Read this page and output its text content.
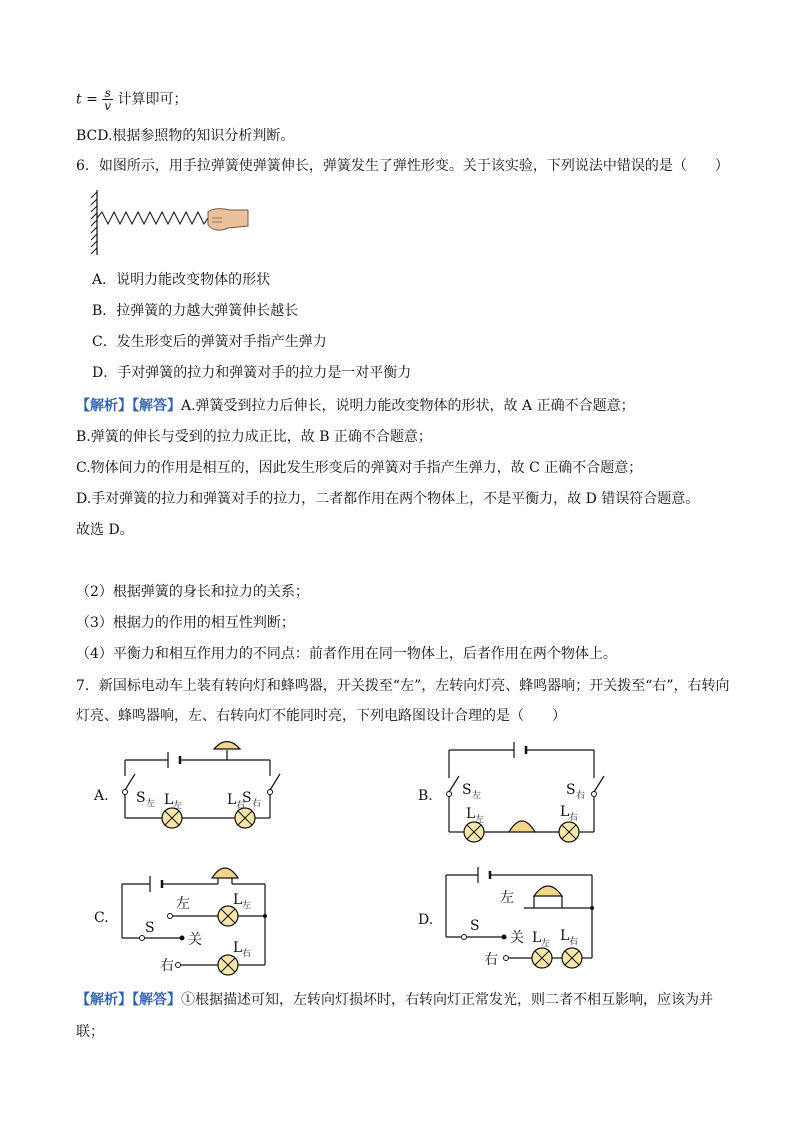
$t = \frac{s}{v}$ 计算即可；
BCD.根据参照物的知识分析判断。
6．如图所示，用手拉弹簧使弹簧伸长，弹簧发生了弹性形变。关于该实验，下列说法中错误的是（　　）
A．说明力能改变物体的形状
B．拉弹簧的力越大弹簧伸长越长
C．发生形变后的弹簧对手指产生弹力
D．手对弹簧的拉力和弹簧对手的拉力是一对平衡力
【解析】【解答】A.弹簧受到拉力后伸长，说明力能改变物体的形状，故 A 正确不合题意；
B.弹簧的伸长与受到的拉力成正比，故 B 正确不合题意；
C.物体间力的作用是相互的，因此发生形变后的弹簧对手指产生弹力，故 C 正确不合题意；
D.手对弹簧的拉力和弹簧对手的拉力，二者都作用在两个物体上，不是平衡力，故 D 错误符合题意。
故选 D。
（2）根据弹簧的身长和拉力的关系；
（3）根据力的作用的相互性判断；
（4）平衡力和相互作用力的不同点：前者作用在同一物体上，后者作用在两个物体上。
7．新国标电动车上装有转向灯和蜂鸣器，开关拨至“左”，左转向灯亮、蜂鸣器响；开关拨至“右”，右转向
灯亮、蜂鸣器响，左、右转向灯不能同时亮，下列电路图设计合理的是（　　）
A. S 左	S 右
L 左	L 右
B. S 左	S 右
L 左	L 右
C.
左
S
关
右
L 左
L 右
D.
左
S
关
右
L 左 L 右
【解析】【解答】①根据描述可知，左转向灯损坏时，右转向灯正常发光，则二者不相互影响，应该为并
联；
